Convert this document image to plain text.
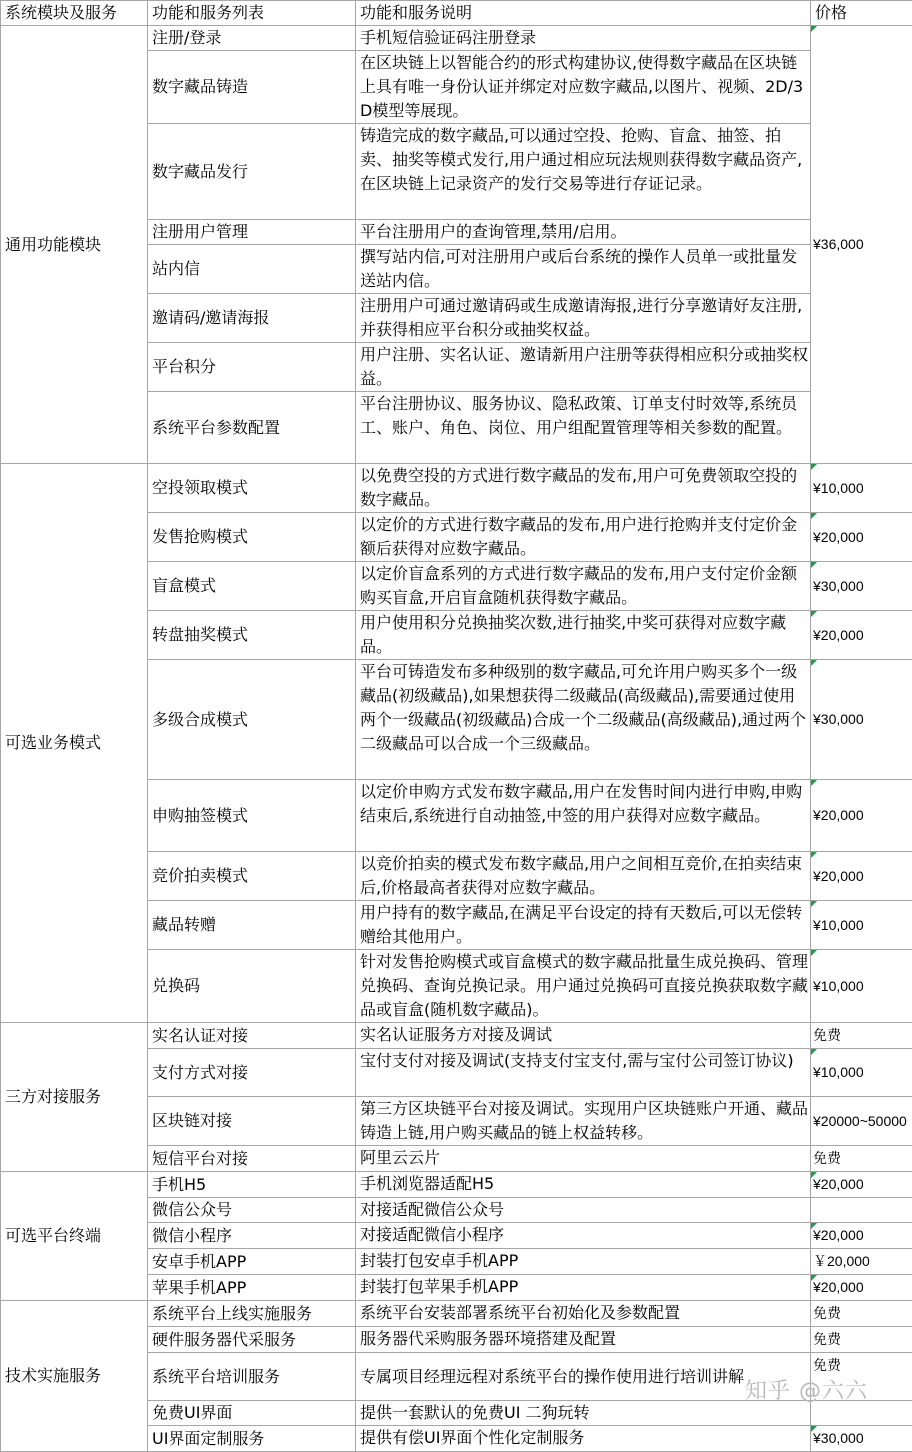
系统模块及服务	功能和服务列表	功能和服务说明	价格
通用功能模块	注册/登录	手机短信验证码注册登录	¥36,000
	数字藏品铸造	在区块链上以智能合约的形式构建协议,使得数字藏品在区块链上具有唯一身份认证并绑定对应数字藏品,以图片、视频、2D/3D模型等展现。	
	数字藏品发行	铸造完成的数字藏品,可以通过空投、抢购、盲盒、抽签、拍卖、抽奖等模式发行,用户通过相应玩法规则获得数字藏品资产,在区块链上记录资产的发行交易等进行存证记录。	
	注册用户管理	平台注册用户的查询管理,禁用/启用。	
	站内信	撰写站内信,可对注册用户或后台系统的操作人员单一或批量发送站内信。	
	邀请码/邀请海报	注册用户可通过邀请码或生成邀请海报,进行分享邀请好友注册,并获得相应平台积分或抽奖权益。	
	平台积分	用户注册、实名认证、邀请新用户注册等获得相应积分或抽奖权益。	
	系统平台参数配置	平台注册协议、服务协议、隐私政策、订单支付时效等,系统员工、账户、角色、岗位、用户组配置管理等相关参数的配置。	
可选业务模式	空投领取模式	以免费空投的方式进行数字藏品的发布,用户可免费领取空投的数字藏品。	¥10,000
	发售抢购模式	以定价的方式进行数字藏品的发布,用户进行抢购并支付定价金额后获得对应数字藏品。	¥20,000
	盲盒模式	以定价盲盒系列的方式进行数字藏品的发布,用户支付定价金额购买盲盒,开启盲盒随机获得数字藏品。	¥30,000
	转盘抽奖模式	用户使用积分兑换抽奖次数,进行抽奖,中奖可获得对应数字藏品。	¥20,000
	多级合成模式	平台可铸造发布多种级别的数字藏品,可允许用户购买多个一级藏品(初级藏品),如果想获得二级藏品(高级藏品),需要通过使用两个一级藏品(初级藏品)合成一个二级藏品(高级藏品),通过两个二级藏品可以合成一个三级藏品。	¥30,000
	申购抽签模式	以定价申购方式发布数字藏品,用户在发售时间内进行申购,申购结束后,系统进行自动抽签,中签的用户获得对应数字藏品。	¥20,000
	竞价拍卖模式	以竞价拍卖的模式发布数字藏品,用户之间相互竞价,在拍卖结束后,价格最高者获得对应数字藏品。	¥20,000
	藏品转赠	用户持有的数字藏品,在满足平台设定的持有天数后,可以无偿转赠给其他用户。	¥10,000
	兑换码	针对发售抢购模式或盲盒模式的数字藏品批量生成兑换码、管理兑换码、查询兑换记录。用户通过兑换码可直接兑换获取数字藏品或盲盒(随机数字藏品)。	¥10,000
三方对接服务	实名认证对接	实名认证服务方对接及调试	免费
	支付方式对接	宝付支付对接及调试(支持支付宝支付,需与宝付公司签订协议)	¥10,000
	区块链对接	第三方区块链平台对接及调试。实现用户区块链账户开通、藏品铸造上链,用户购买藏品的链上权益转移。	¥20000~50000
	短信平台对接	阿里云云片	免费
可选平台终端	手机H5	手机浏览器适配H5	¥20,000
	微信公众号	对接适配微信公众号	
	微信小程序	对接适配微信小程序	¥20,000
	安卓手机APP	封装打包安卓手机APP	￥20,000
	苹果手机APP	封装打包苹果手机APP	¥20,000
技术实施服务	系统平台上线实施服务	系统平台安装部署系统平台初始化及参数配置	免费
	硬件服务器代采服务	服务器代采购服务器环境搭建及配置	免费
	系统平台培训服务	专属项目经理远程对系统平台的操作使用进行培训讲解	免费
	免费UI界面	提供一套默认的免费UI 二狗玩转	
	UI界面定制服务	提供有偿UI界面个性化定制服务	¥30,000
知乎 @六六
